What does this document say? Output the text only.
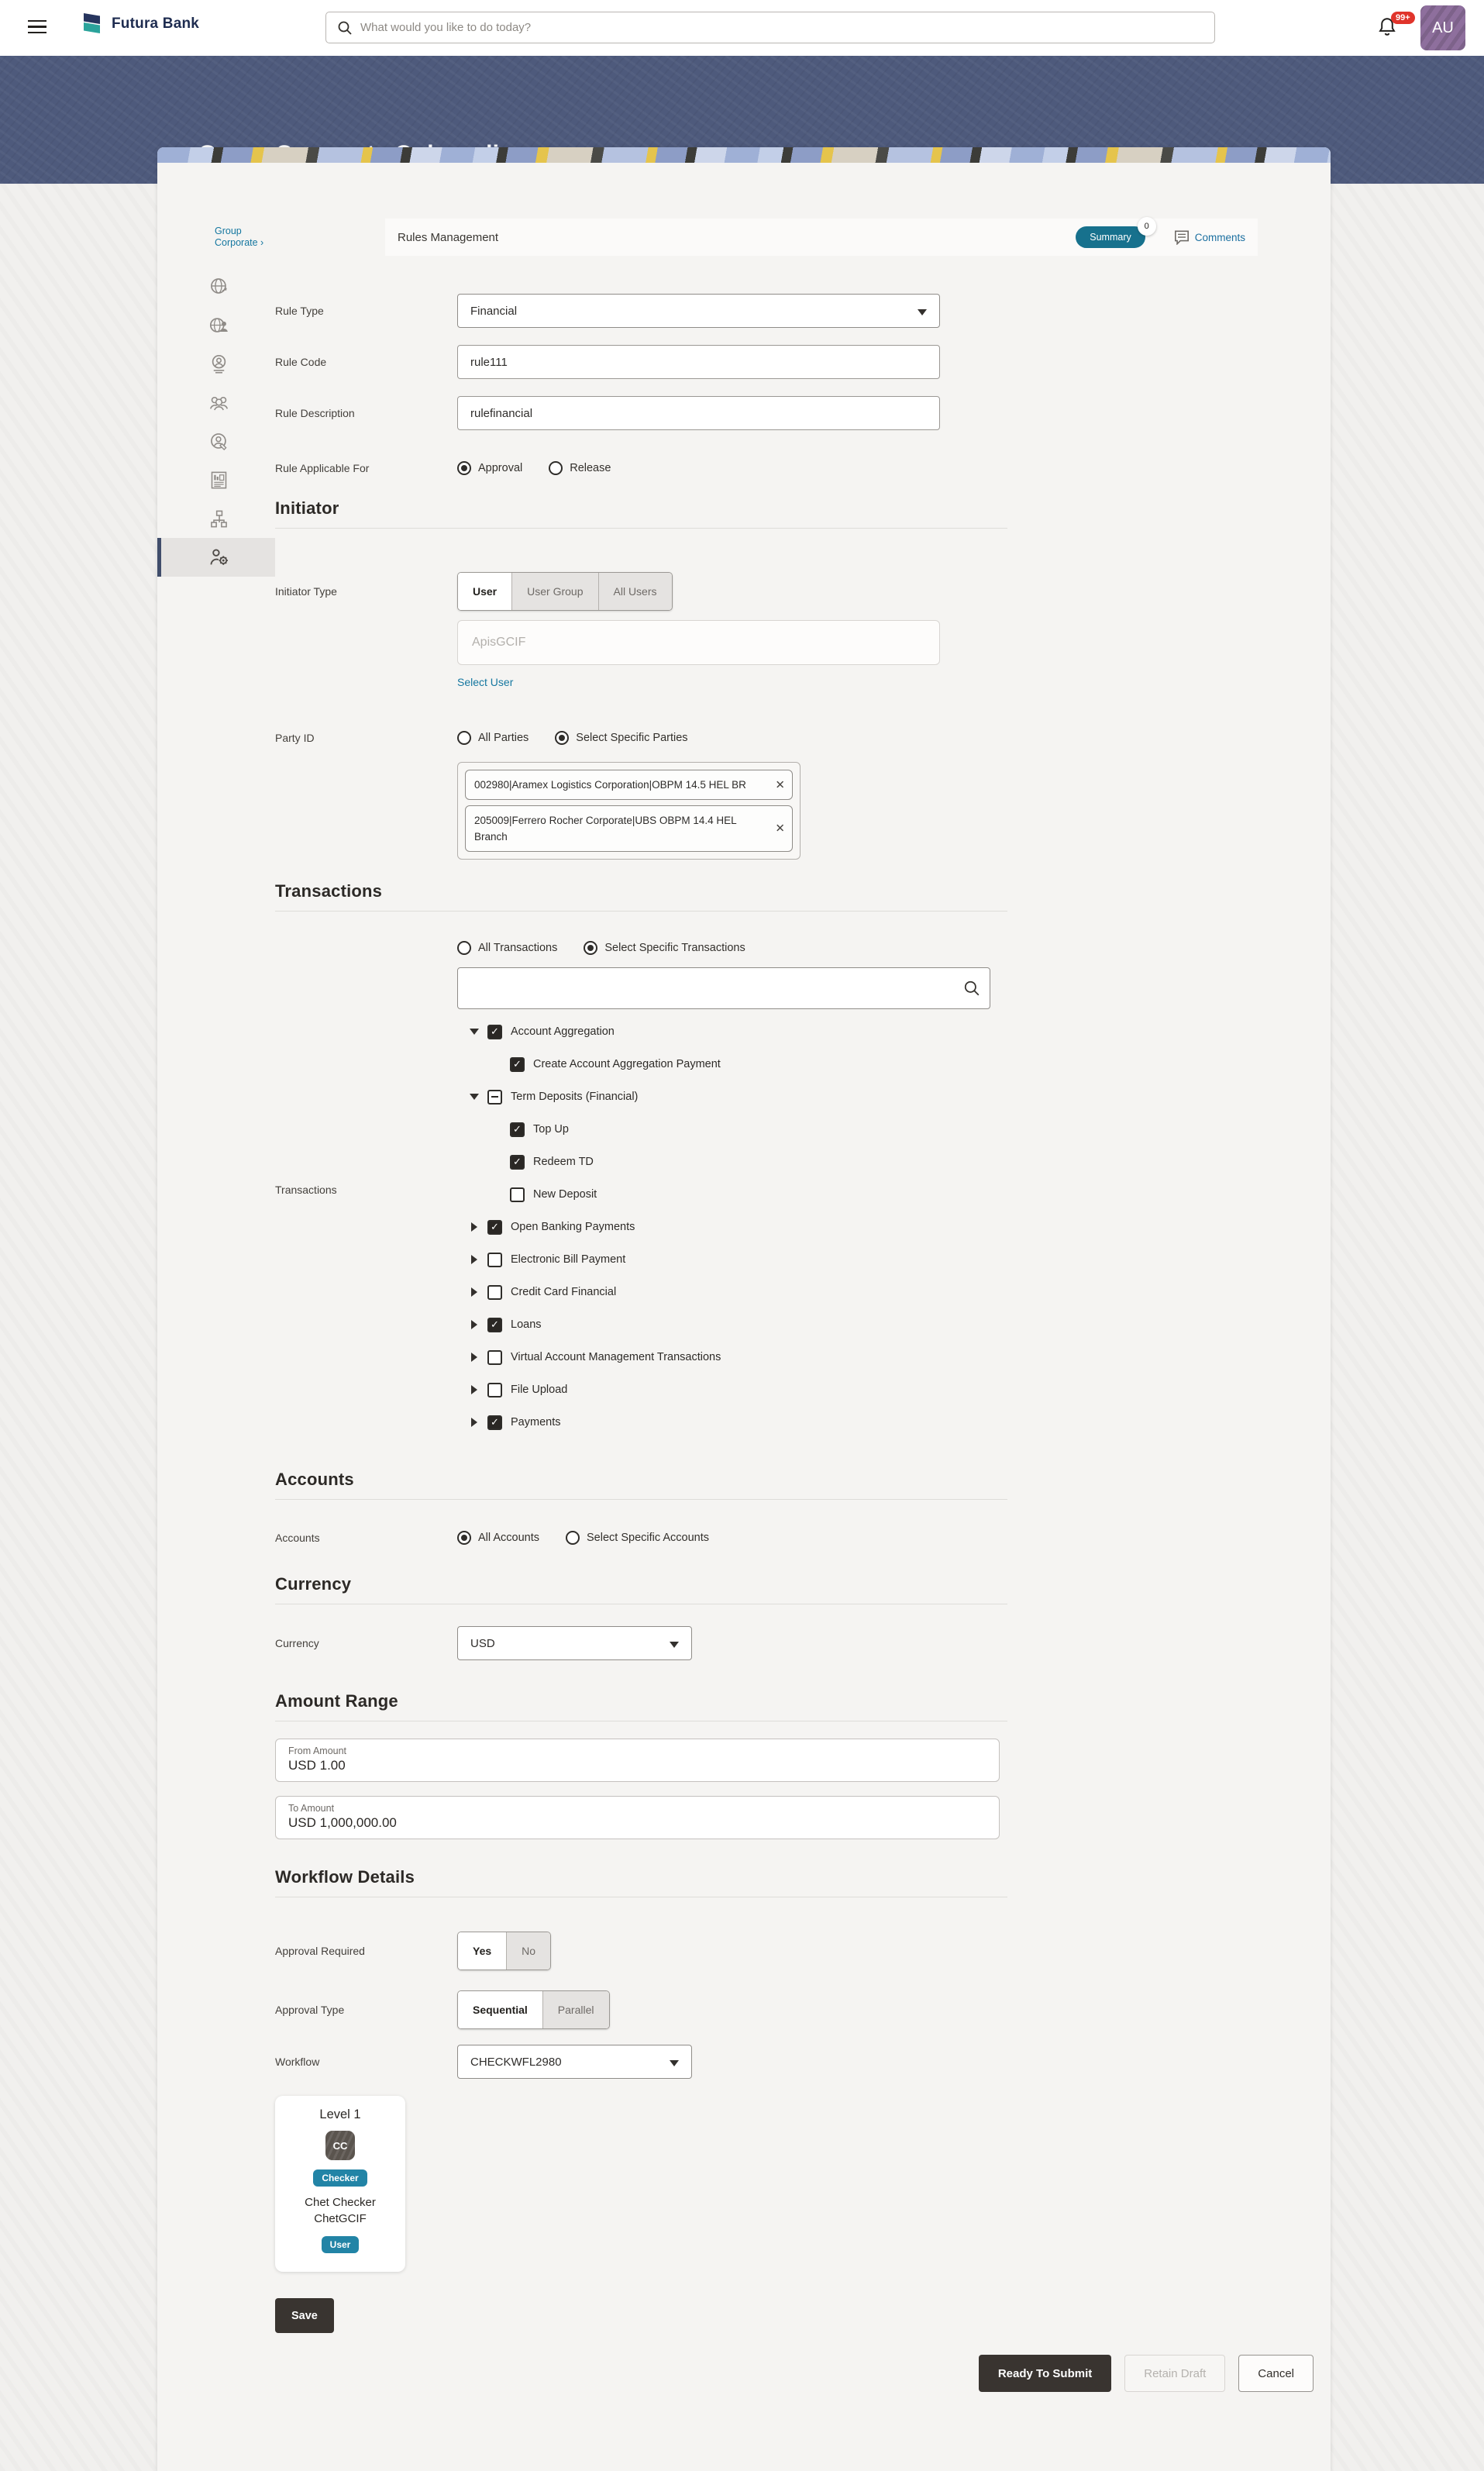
Futura Bank	What would you like to do today?
99+
AU
Group Corporate ›	Rules Management	Summary
0
Comments
Rule Type	Financial
Rule Code	rule111
Rule Description	rulefinancial
Rule Applicable For	Approval	Release
Initiator
Initiator Type	User	User Group	All Users
ApisGCIF
Select User
Party ID	All Parties	Select Specific Parties
002980|Aramex Logistics Corporation|OBPM 14.5 HEL BR ✕
205009|Ferrero Rocher Corporate|UBS OBPM 14.4 HEL Branch
✕
Transactions
Transactions
All Transactions	Select Specific Transactions
✓
Account Aggregation
✓
Create Account Aggregation Payment
Term Deposits (Financial)
✓
Top Up
✓
Redeem TD
New Deposit
✓
Open Banking Payments
Electronic Bill Payment
Credit Card Financial
✓
Loans
Virtual Account Management Transactions
File Upload
✓
Payments
Accounts
Accounts	All Accounts	Select Specific Accounts
Currency
Currency	USD
Amount Range
From Amount
USD 1.00
To Amount
USD 1,000,000.00
Workflow Details
Approval Required	Yes	No
Approval Type	Sequential	Parallel
Workflow	CHECKWFL2980
Level 1
CC
Checker
Chet Checker
ChetGCIF
User
Save
Ready To Submit	Retain Draft	Cancel
